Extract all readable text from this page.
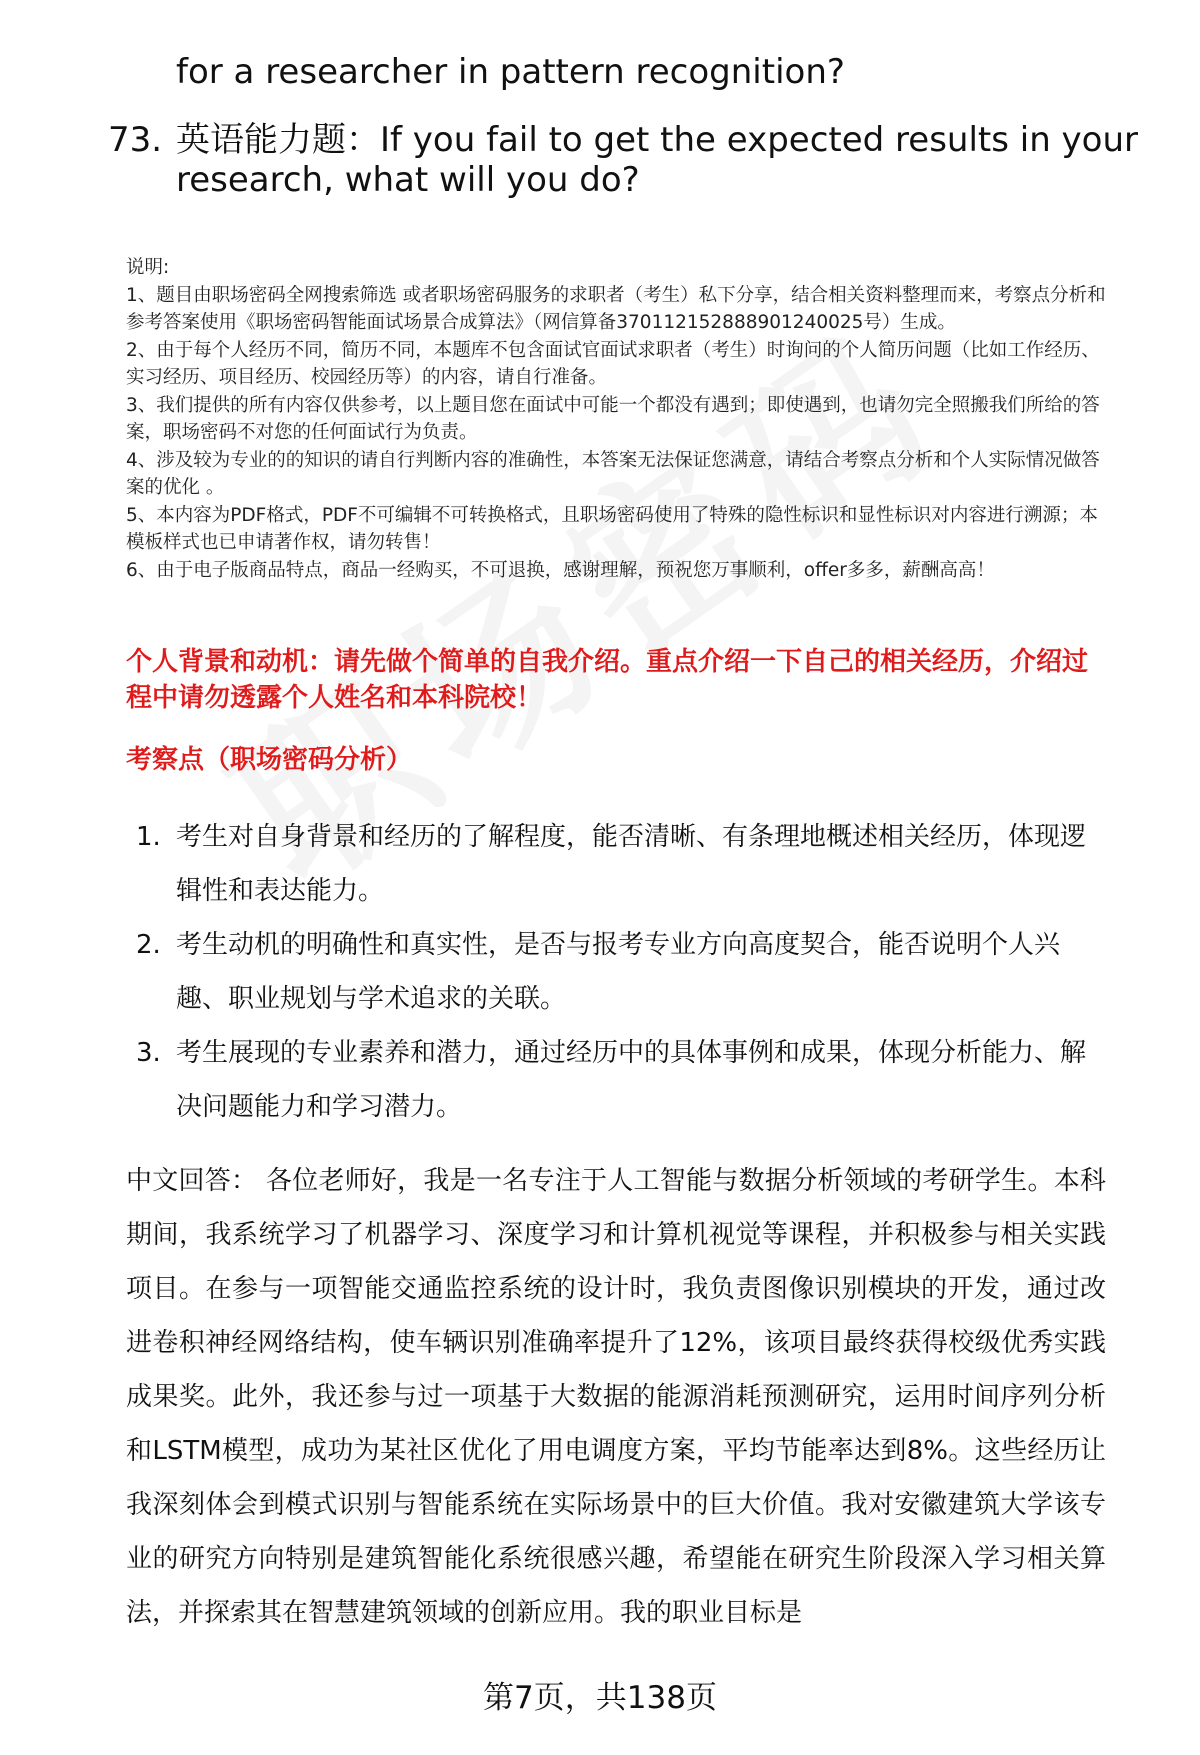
for a researcher in pattern recognition?
73. 英语能力题：If you fail to get the expected results in your
research, what will you do?

说明:

1、题目由职场密码全网搜索筛选 或者职场密码服务的求职者（考生）私下分享，结合相关资料整理而来，考察点分析和参考答案使用《职场密码智能面试场景合成算法》（网信算备370112152888901240025号）生成。

2、由于每个人经历不同，简历不同，本题库不包含面试官面试求职者（考生）时询问的个人简历问题（比如工作经历、实习经历、项目经历、校园经历等）的内容，请自行准备。

3、我们提供的所有内容仅供参考，以上题目您在面试中可能一个都没有遇到；即使遇到，也请勿完全照搬我们所给的答案，职场密码不对您的任何面试行为负责。

4、涉及较为专业的的知识的请自行判断内容的准确性，本答案无法保证您满意，请结合考察点分析和个人实际情况做答案的优化 。

5、本内容为PDF格式，PDF不可编辑不可转换格式，且职场密码使用了特殊的隐性标识和显性标识对内容进行溯源；本模板样式也已申请著作权，请勿转售！

6、由于电子版商品特点，商品一经购买，不可退换，感谢理解，预祝您万事顺利，offer多多，薪酬高高！

个人背景和动机：请先做个简单的自我介绍。重点介绍一下自己的相关经历，介绍过程中请勿透露个人姓名和本科院校！
考察点（职场密码分析）
1. 考生对自身背景和经历的了解程度，能否清晰、有条理地概述相关经历，体现逻辑性和表达能力。
2. 考生动机的明确性和真实性，是否与报考专业方向高度契合，能否说明个人兴趣、职业规划与学术追求的关联。
3. 考生展现的专业素养和潜力，通过经历中的具体事例和成果，体现分析能力、解决问题能力和学习潜力。
中文回答： 各位老师好，我是一名专注于人工智能与数据分析领域的考研学生。本科期间，我系统学习了机器学习、深度学习和计算机视觉等课程，并积极参与相关实践项目。在参与一项智能交通监控系统的设计时，我负责图像识别模块的开发，通过改进卷积神经网络结构，使车辆识别准确率提升了12%，该项目最终获得校级优秀实践成果奖。此外，我还参与过一项基于大数据的能源消耗预测研究，运用时间序列分析和LSTM模型，成功为某社区优化了用电调度方案，平均节能率达到8%。这些经历让我深刻体会到模式识别与智能系统在实际场景中的巨大价值。我对安徽建筑大学该专业的研究方向特别是建筑智能化系统很感兴趣，希望能在研究生阶段深入学习相关算法，并探索其在智慧建筑领域的创新应用。我的职业目标是
第7页，共138页
